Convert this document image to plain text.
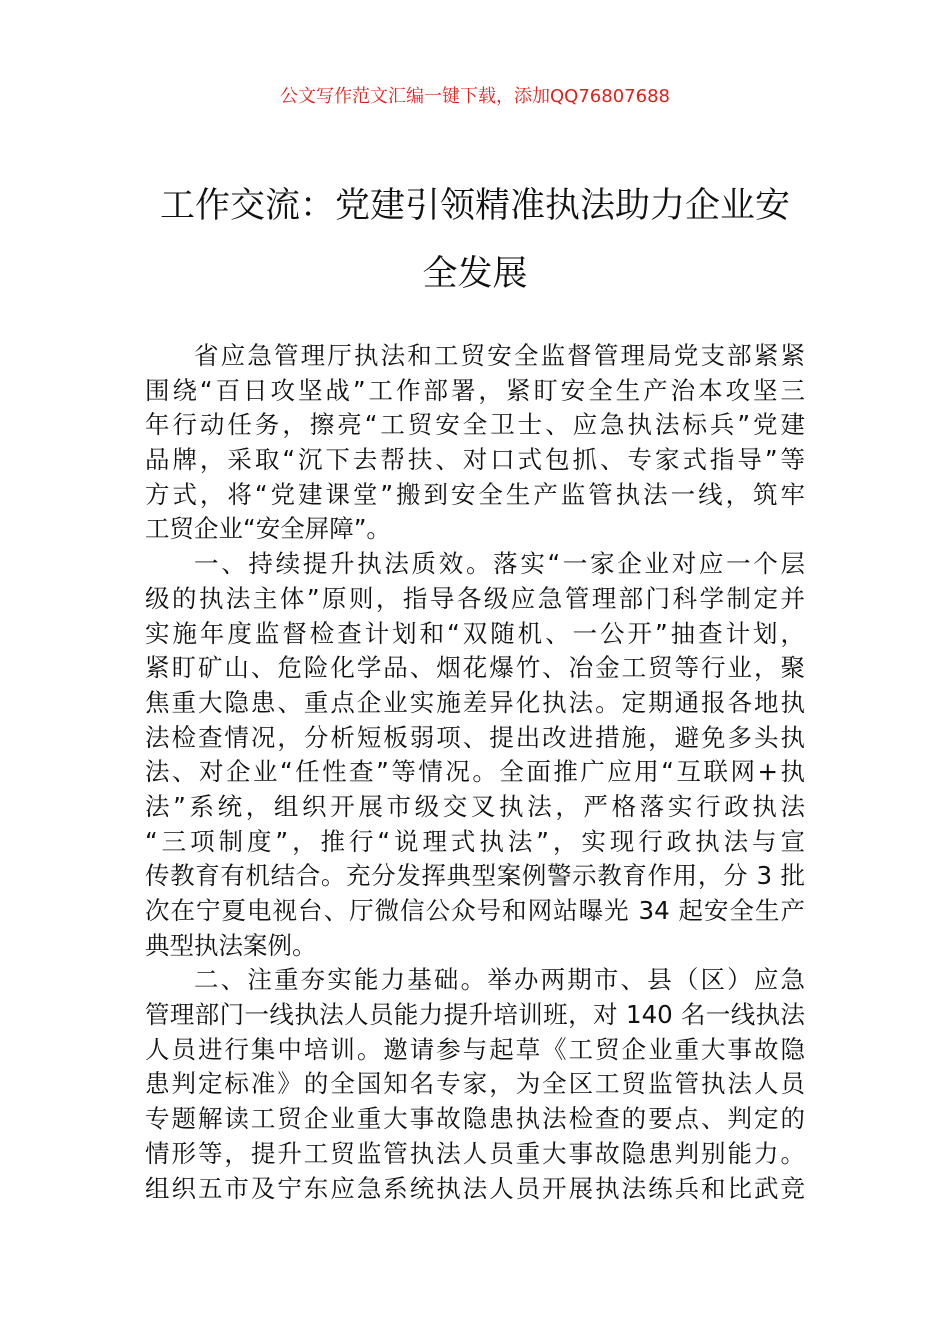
公文写作范文汇编一键下载，添加QQ76807688
工作交流：党建引领精准执法助力企业安
全发展
省应急管理厅执法和工贸安全监督管理局党支部紧紧
围绕“百日攻坚战”工作部署，紧盯安全生产治本攻坚三
年行动任务，擦亮“工贸安全卫士、应急执法标兵”党建
品牌，采取“沉下去帮扶、对口式包抓、专家式指导”等
方式，将“党建课堂”搬到安全生产监管执法一线，筑牢
工贸企业“安全屏障”。
一、持续提升执法质效。落实“一家企业对应一个层
级的执法主体”原则，指导各级应急管理部门科学制定并
实施年度监督检查计划和“双随机、一公开”抽查计划，
紧盯矿山、危险化学品、烟花爆竹、冶金工贸等行业，聚
焦重大隐患、重点企业实施差异化执法。定期通报各地执
法检查情况，分析短板弱项、提出改进措施，避免多头执
法、对企业“任性查”等情况。全面推广应用“互联网+执
法”系统，组织开展市级交叉执法，严格落实行政执法
“三项制度”，推行“说理式执法”，实现行政执法与宣
传教育有机结合。充分发挥典型案例警示教育作用，分 3 批
次在宁夏电视台、厅微信公众号和网站曝光 34 起安全生产
典型执法案例。
二、注重夯实能力基础。举办两期市、县（区）应急
管理部门一线执法人员能力提升培训班，对 140 名一线执法
人员进行集中培训。邀请参与起草《工贸企业重大事故隐
患判定标准》的全国知名专家，为全区工贸监管执法人员
专题解读工贸企业重大事故隐患执法检查的要点、判定的
情形等，提升工贸监管执法人员重大事故隐患判别能力。
组织五市及宁东应急系统执法人员开展执法练兵和比武竞
